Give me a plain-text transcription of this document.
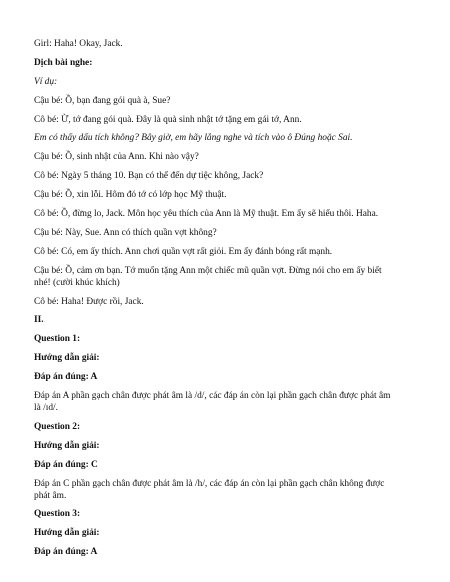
Girl: Haha! Okay, Jack.

Dịch bài nghe:

Ví dụ:

Cậu bé: Ồ, bạn đang gói quà à, Sue?

Cô bé: Ừ, tớ đang gói quà. Đây là quà sinh nhật tớ tặng em gái tớ, Ann.

Em có thấy dấu tích không? Bây giờ, em hãy lắng nghe và tích vào ô Đúng hoặc Sai.

Cậu bé: Ồ, sinh nhật của Ann. Khi nào vậy?

Cô bé: Ngày 5 tháng 10. Bạn có thể đến dự tiệc không, Jack?

Cậu bé: Ồ, xin lỗi. Hôm đó tớ có lớp học Mỹ thuật.

Cô bé: Ồ, đừng lo, Jack. Môn học yêu thích của Ann là Mỹ thuật. Em ấy sẽ hiểu thôi. Haha.

Cậu bé: Này, Sue. Ann có thích quần vợt không?

Cô bé: Có, em ấy thích. Ann chơi quần vợt rất giỏi. Em ấy đánh bóng rất mạnh.

Cậu bé: Ồ, cảm ơn bạn. Tớ muốn tặng Ann một chiếc mũ quần vợt. Đừng nói cho em ấy biết

nhé! (cười khúc khích)

Cô bé: Haha! Được rồi, Jack.

II.

Question 1:

Hướng dẫn giải:

Đáp án đúng: A

Đáp án A phần gạch chân được phát âm là /d/, các đáp án còn lại phần gạch chân được phát âm

là /ɪd/.

Question 2:

Hướng dẫn giải:

Đáp án đúng: C

Đáp án C phần gạch chân được phát âm là /h/, các đáp án còn lại phần gạch chân không được

phát âm.

Question 3:

Hướng dẫn giải:

Đáp án đúng: A
